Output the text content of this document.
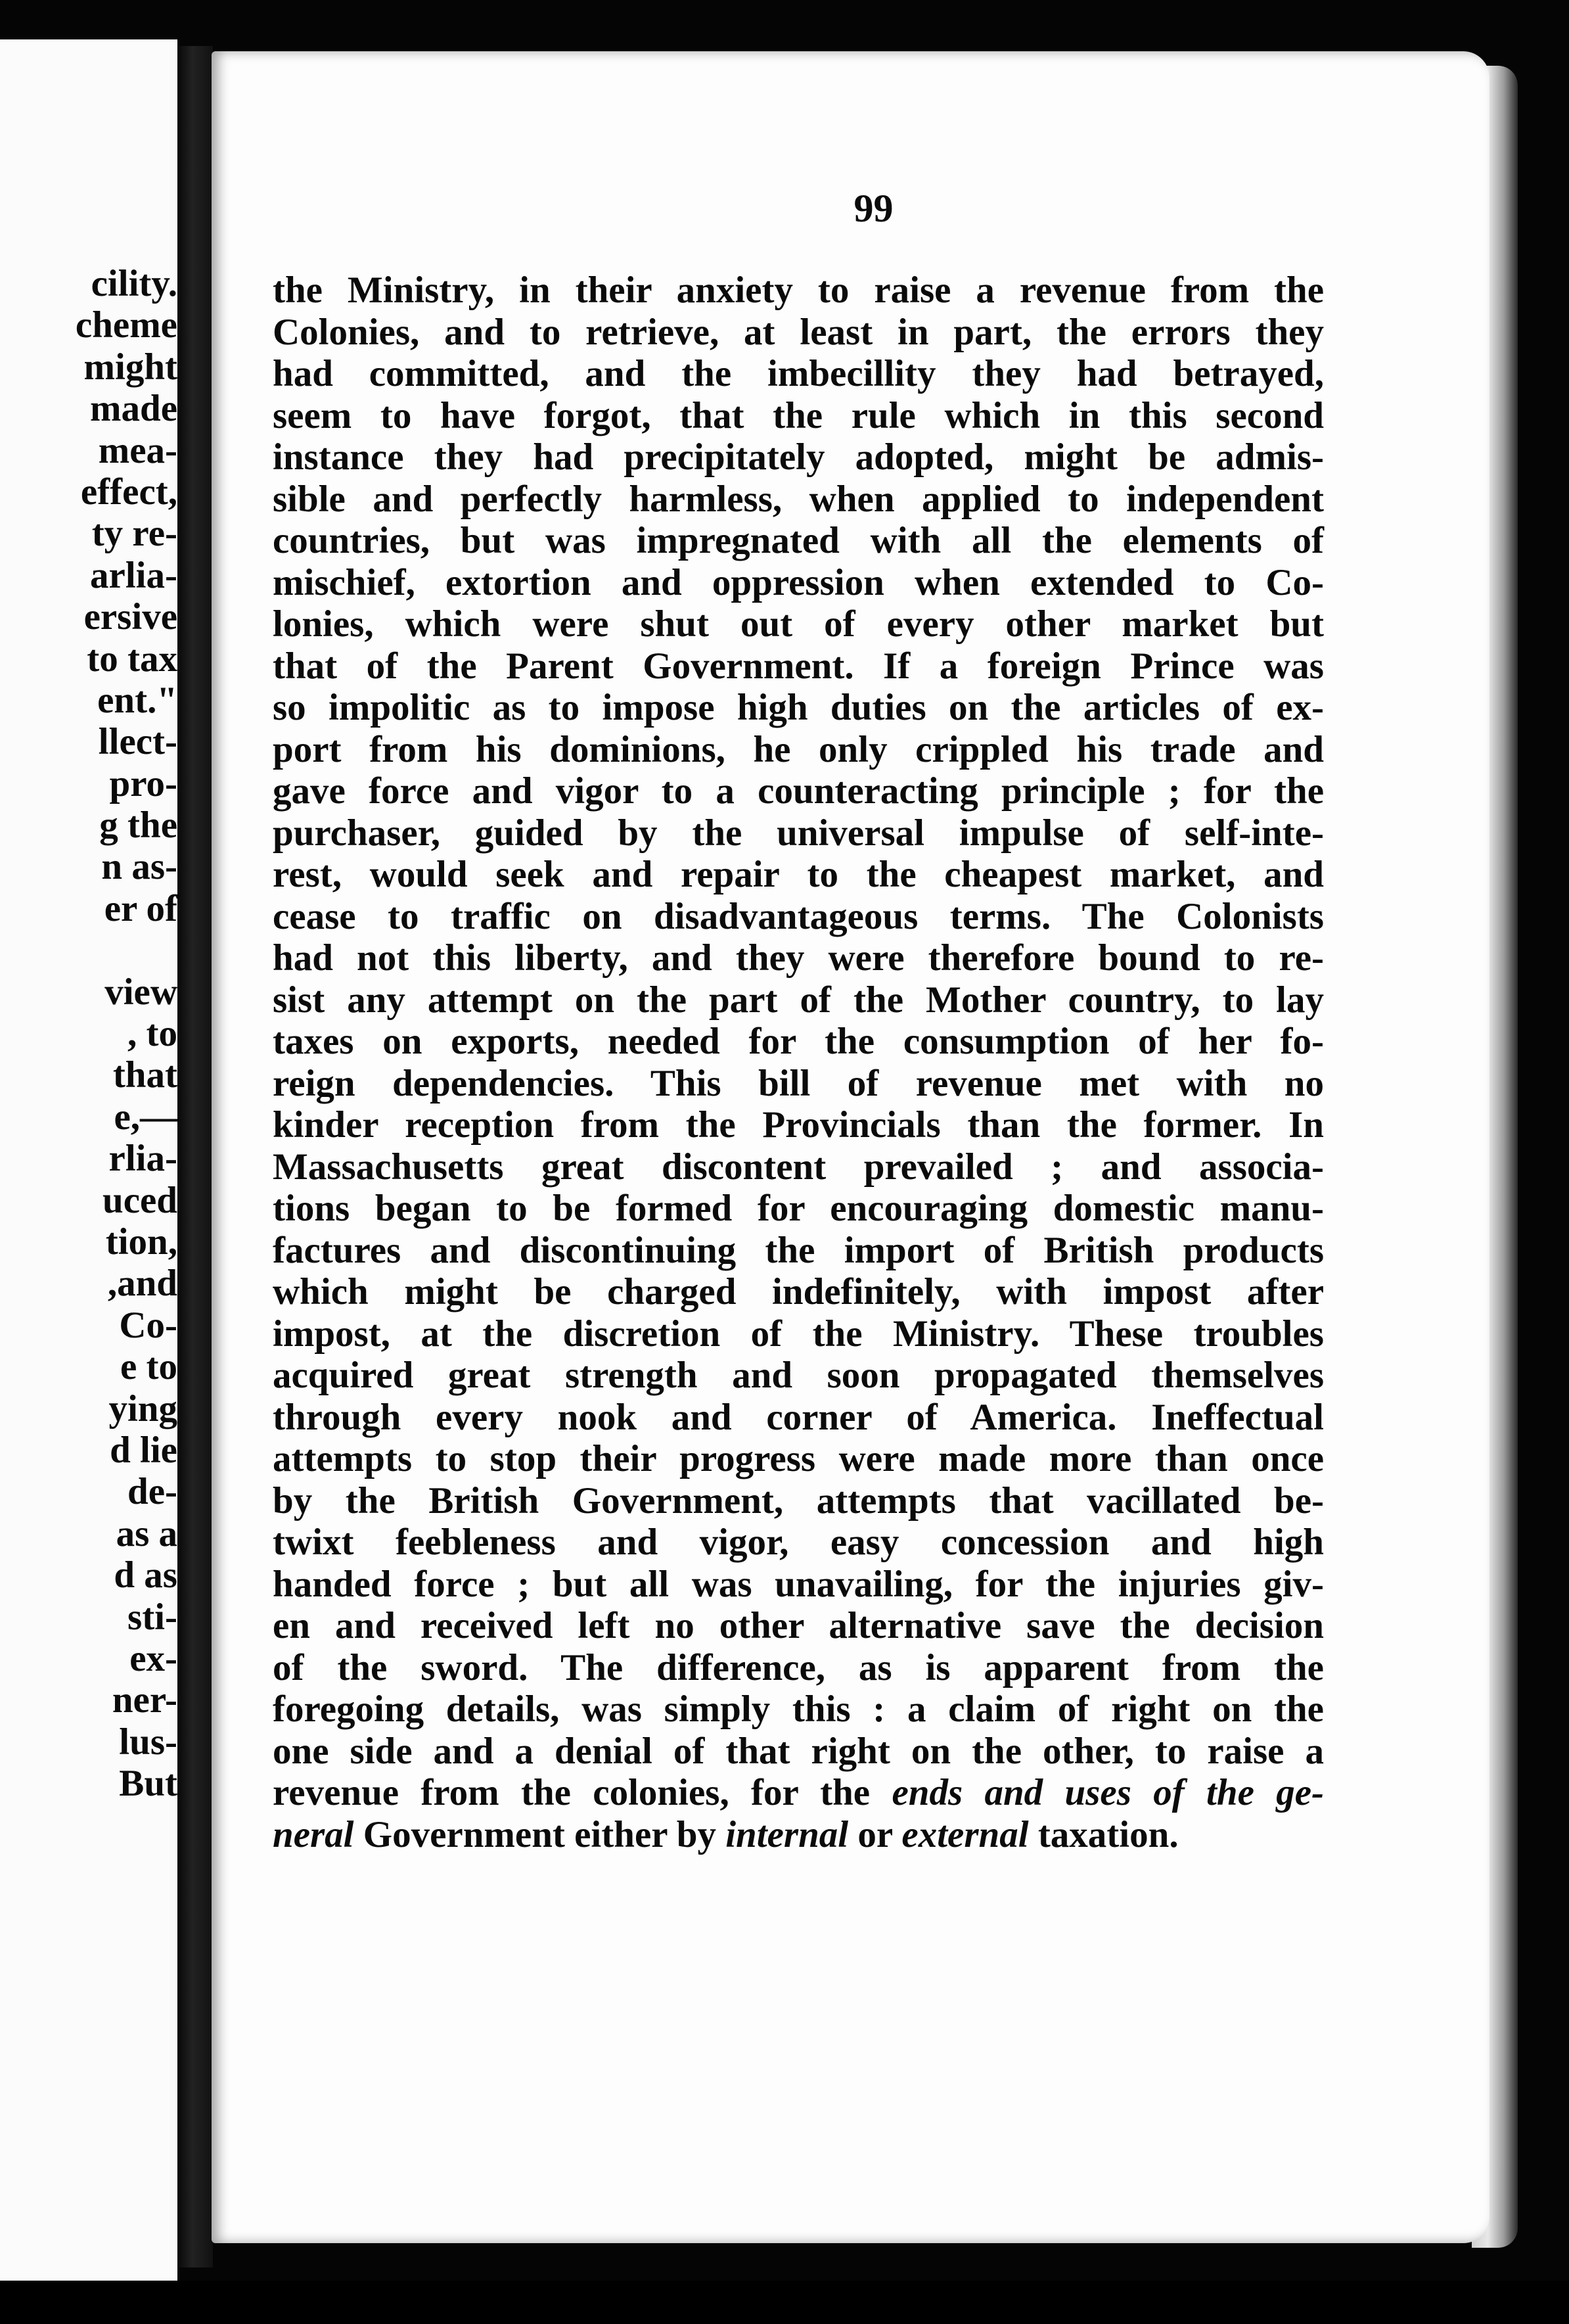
cility.
cheme
might
made
mea-
effect,
ty re-
arlia-
ersive
to tax
ent."
llect-
pro-
g the
n as-
er of

view
, to
that
e,—
rlia-
uced
tion,
,and
Co-
e to
ying
d lie
de-
as a
d as
sti-
ex-
ner-
lus-
But
99
the Ministry, in their anxiety to raise a revenue from the
Colonies, and to retrieve, at least in part, the errors they
had committed, and the imbecillity they had betrayed,
seem to have forgot, that the rule which in this second
instance they had precipitately adopted, might be admis-
sible and perfectly harmless, when applied to independent
countries, but was impregnated with all the elements of
mischief, extortion and oppression when extended to Co-
lonies, which were shut out of every other market but
that of the Parent Government. If a foreign Prince was
so impolitic as to impose high duties on the articles of ex-
port from his dominions, he only crippled his trade and
gave force and vigor to a counteracting principle ; for the
purchaser, guided by the universal impulse of self-inte-
rest, would seek and repair to the cheapest market, and
cease to traffic on disadvantageous terms. The Colonists
had not this liberty, and they were therefore bound to re-
sist any attempt on the part of the Mother country, to lay
taxes on exports, needed for the consumption of her fo-
reign dependencies. This bill of revenue met with no
kinder reception from the Provincials than the former. In
Massachusetts great discontent prevailed ; and associa-
tions began to be formed for encouraging domestic manu-
factures and discontinuing the import of British products
which might be charged indefinitely, with impost after
impost, at the discretion of the Ministry. These troubles
acquired great strength and soon propagated themselves
through every nook and corner of America. Ineffectual
attempts to stop their progress were made more than once
by the British Government, attempts that vacillated be-
twixt feebleness and vigor, easy concession and high
handed force ; but all was unavailing, for the injuries giv-
en and received left no other alternative save the decision
of the sword. The difference, as is apparent from the
foregoing details, was simply this : a claim of right on the
one side and a denial of that right on the other, to raise a
revenue from the colonies, for the ends and uses of the ge-
neral Government either by internal or external taxation.
